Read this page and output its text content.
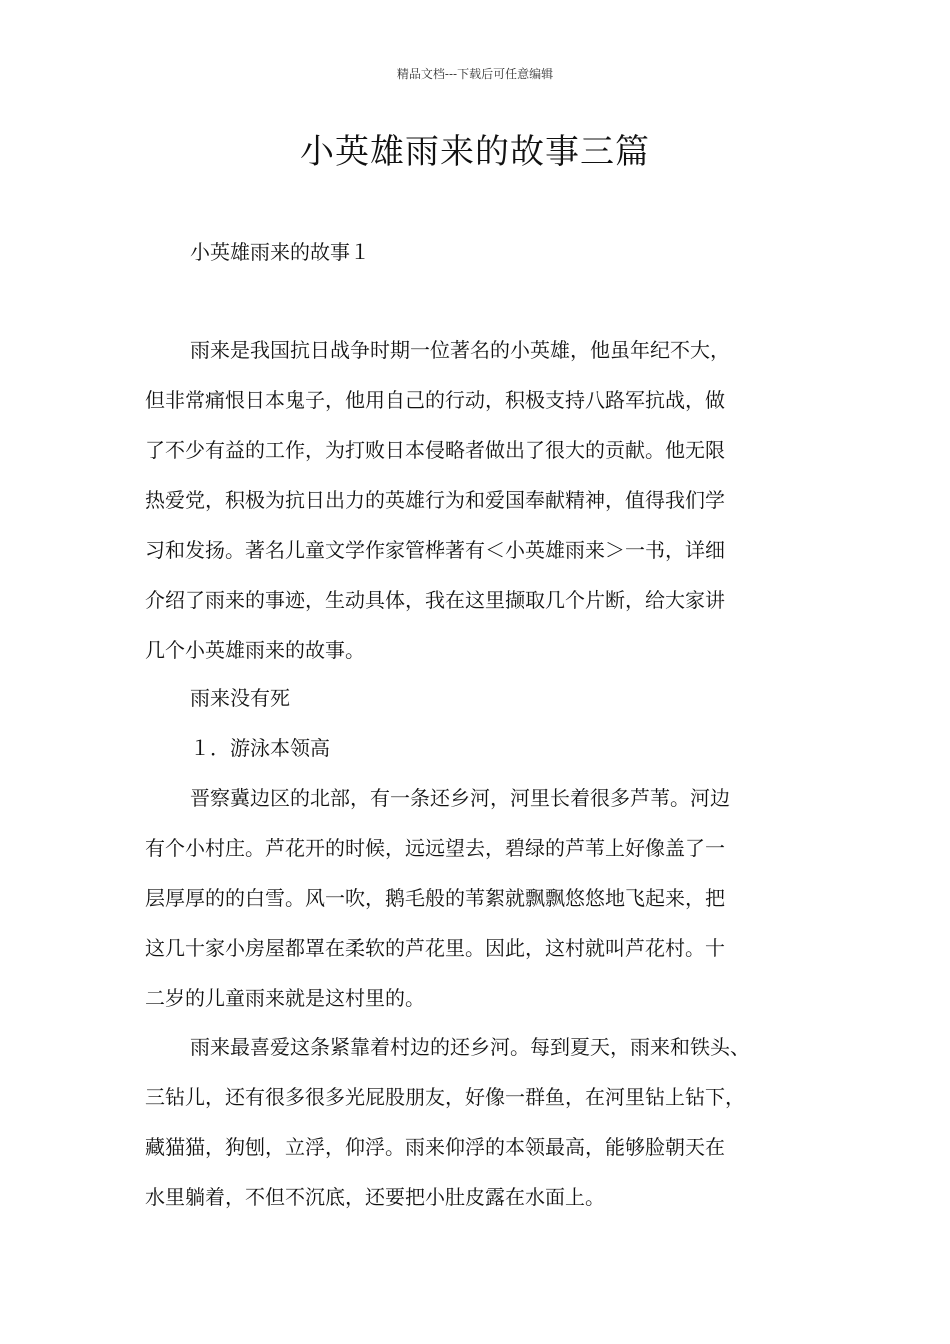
精品文档---下载后可任意编辑
小英雄雨来的故事三篇
小英雄雨来的故事１
雨来是我国抗日战争时期一位著名的小英雄，他虽年纪不大，
但非常痛恨日本鬼子，他用自己的行动，积极支持八路军抗战，做
了不少有益的工作，为打败日本侵略者做出了很大的贡献。他无限
热爱党，积极为抗日出力的英雄行为和爱国奉献精神，值得我们学
习和发扬。著名儿童文学作家管桦著有＜小英雄雨来＞一书，详细
介绍了雨来的事迹，生动具体，我在这里撷取几个片断，给大家讲
几个小英雄雨来的故事。
雨来没有死
１．游泳本领高
晋察冀边区的北部，有一条还乡河，河里长着很多芦苇。河边
有个小村庄。芦花开的时候，远远望去，碧绿的芦苇上好像盖了一
层厚厚的的白雪。风一吹，鹅毛般的苇絮就飘飘悠悠地飞起来，把
这几十家小房屋都罩在柔软的芦花里。因此，这村就叫芦花村。十
二岁的儿童雨来就是这村里的。
雨来最喜爱这条紧靠着村边的还乡河。每到夏天，雨来和铁头、
三钻儿，还有很多很多光屁股朋友，好像一群鱼，在河里钻上钻下，
藏猫猫，狗刨，立浮，仰浮。雨来仰浮的本领最高，能够脸朝天在
水里躺着，不但不沉底，还要把小肚皮露在水面上。
